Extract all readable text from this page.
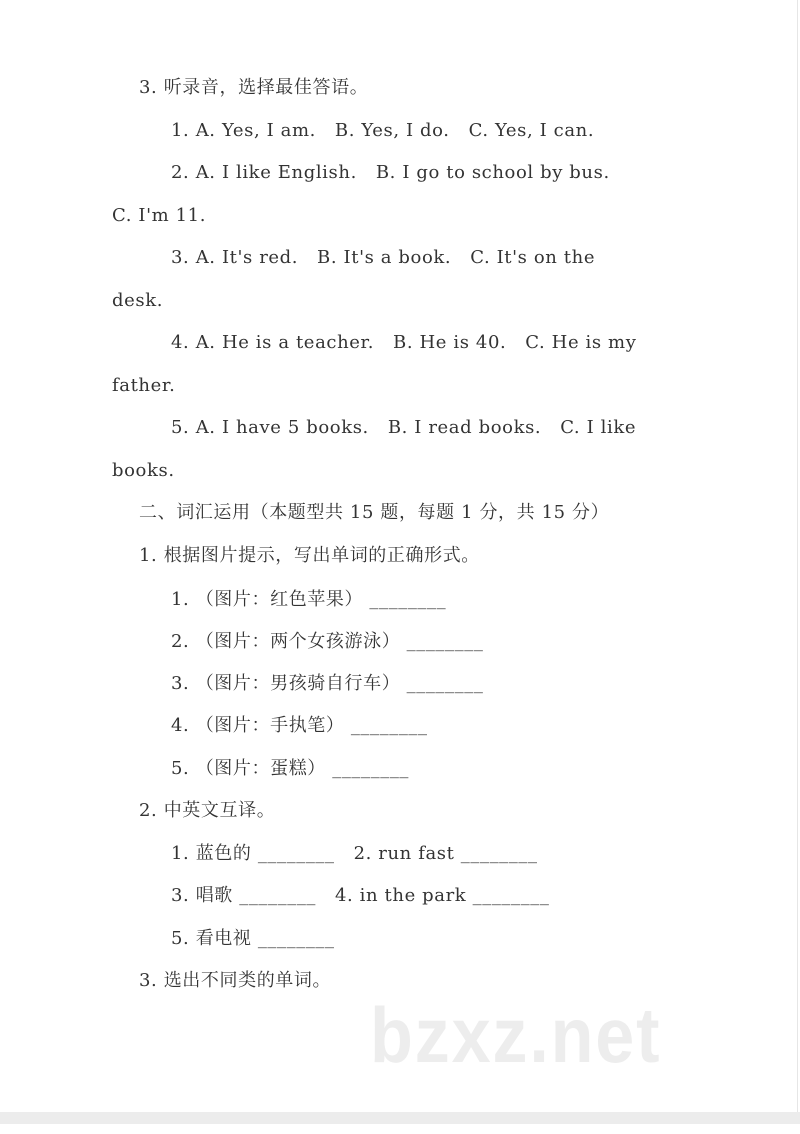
3. 听录音，选择最佳答语。
1. A. Yes, I am.   B. Yes, I do.   C. Yes, I can.
2. A. I like English.   B. I go to school by bus.
C. I'm 11.
3. A. It's red.   B. It's a book.   C. It's on the
desk.
4. A. He is a teacher.   B. He is 40.   C. He is my
father.
5. A. I have 5 books.   B. I read books.   C. I like
books.
二、词汇运用（本题型共 15 题，每题 1 分，共 15 分）
1. 根据图片提示，写出单词的正确形式。
1. （图片：红色苹果） ________
2. （图片：两个女孩游泳） ________
3. （图片：男孩骑自行车） ________
4. （图片：手执笔） ________
5. （图片：蛋糕） ________
2. 中英文互译。
1. 蓝色的 ________   2. run fast ________
3. 唱歌 ________   4. in the park ________
5. 看电视 ________
3. 选出不同类的单词。
bzxz.net
